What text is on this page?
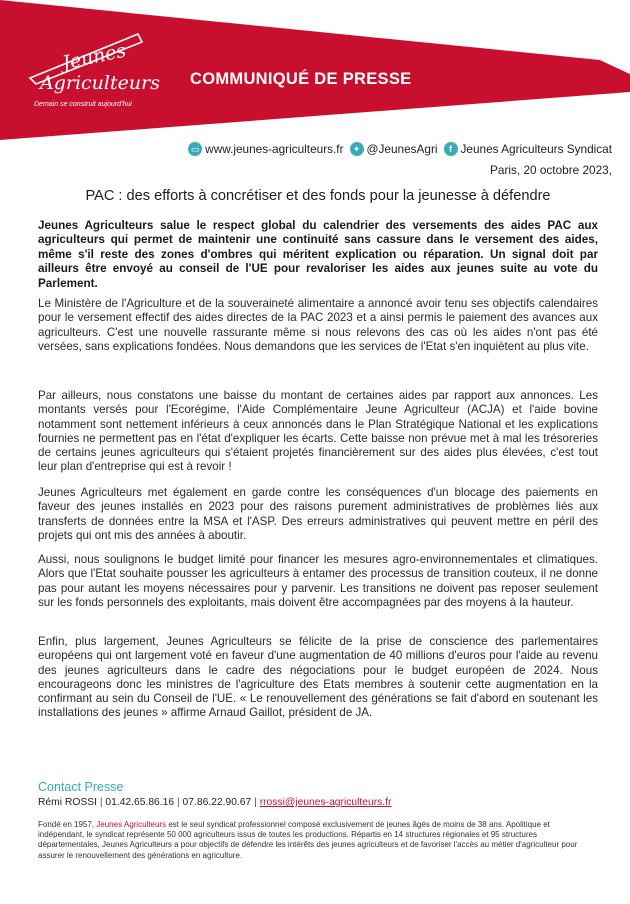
Jeunes
Agriculteurs
Demain se construit aujourd'hui
COMMUNIQUÉ DE PRESSE
▭ www.jeunes-agriculteurs.fr	✦ @JeunesAgri	f Jeunes Agriculteurs Syndicat
Paris, 20 octobre 2023,
PAC : des efforts à concrétiser et des fonds pour la jeunesse à défendre
Jeunes Agriculteurs salue le respect global du calendrier des versements des aides PAC aux agriculteurs qui permet de maintenir une continuité sans cassure dans le versement des aides, même s'il reste des zones d'ombres qui méritent explication ou réparation. Un signal doit par ailleurs être envoyé au conseil de l'UE pour revaloriser les aides aux jeunes suite au vote du Parlement.
Le Ministère de l'Agriculture et de la souveraineté alimentaire a annoncé avoir tenu ses objectifs calendaires pour le versement effectif des aides directes de la PAC 2023 et a ainsi permis le paiement des avances aux agriculteurs. C'est une nouvelle rassurante même si nous relevons des cas où les aides n'ont pas été versées, sans explications fondées. Nous demandons que les services de l'Etat s'en inquiètent au plus vite.
Par ailleurs, nous constatons une baisse du montant de certaines aides par rapport aux annonces. Les montants versés pour l'Ecorégime, l'Aide Complémentaire Jeune Agriculteur (ACJA) et l'aide bovine notamment sont nettement inférieurs à ceux annoncés dans le Plan Stratégique National et les explications fournies ne permettent pas en l'état d'expliquer les écarts. Cette baisse non prévue met à mal les trésoreries de certains jeunes agriculteurs qui s'étaient projetés financièrement sur des aides plus élevées, c'est tout leur plan d'entreprise qui est à revoir !
Jeunes Agriculteurs met également en garde contre les conséquences d'un blocage des paiements en faveur des jeunes installés en 2023 pour des raisons purement administratives de problèmes liés aux transferts de données entre la MSA et l'ASP. Des erreurs administratives qui peuvent mettre en péril des projets qui ont mis des années à aboutir.
Aussi, nous soulignons le budget limité pour financer les mesures agro-environnementales et climatiques. Alors que l'Etat souhaite pousser les agriculteurs à entamer des processus de transition couteux, il ne donne pas pour autant les moyens nécessaires pour y parvenir. Les transitions ne doivent pas reposer seulement sur les fonds personnels des exploitants, mais doivent être accompagnées par des moyens à la hauteur.
Enfin, plus largement, Jeunes Agriculteurs se félicite de la prise de conscience des parlementaires européens qui ont largement voté en faveur d'une augmentation de 40 millions d'euros pour l'aide au revenu des jeunes agriculteurs dans le cadre des négociations pour le budget européen de 2024. Nous encourageons donc les ministres de l'agriculture des Etats membres à soutenir cette augmentation en la confirmant au sein du Conseil de l'UE. « Le renouvellement des générations se fait d'abord en soutenant les installations des jeunes » affirme Arnaud Gaillot, président de JA.
Contact Presse
Rémi ROSSI | 01.42.65.86.16 | 07.86.22.90.67 | rrossi@jeunes-agriculteurs.fr
Fondé en 1957, Jeunes Agriculteurs est le seul syndicat professionnel composé exclusivement de jeunes âgés de moins de 38 ans. Apolitique et indépendant, le syndicat représente 50 000 agriculteurs issus de toutes les productions. Répartis en 14 structures régionales et 95 structures départementales, Jeunes Agriculteurs a pour objectifs de défendre les intérêts des jeunes agriculteurs et de favoriser l'accès au métier d'agriculteur pour assurer le renouvellement des générations en agriculture.
